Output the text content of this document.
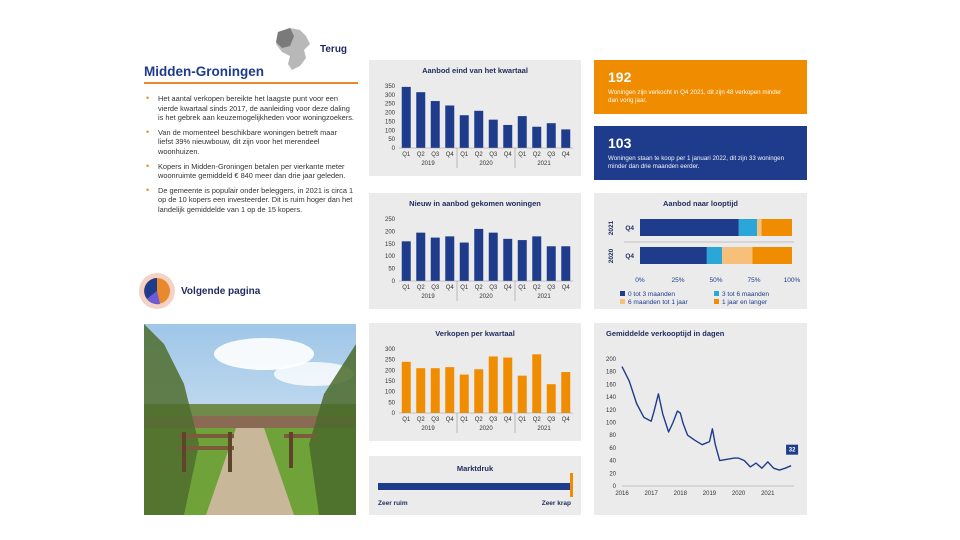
Terug
Midden-Groningen
• Het aantal verkopen bereikte het laagste punt voor een vierde kwartaal sinds 2017, de aanleiding voor deze daling is het gebrek aan keuzemogelijkheden voor woningzoekers.
• Van de momenteel beschikbare woningen betreft maar liefst 39% nieuwbouw, dit zijn voor het merendeel woonhuizen.
• Kopers in Midden-Groningen betalen per vierkante meter woonruimte gemiddeld € 840 meer dan drie jaar geleden.
• De gemeente is populair onder beleggers, in 2021 is circa 1 op de 10 kopers een investeerder. Dit is ruim hoger dan het landelijk gemiddelde van 1 op de 15 kopers.
Volgende pagina
Aanbod eind van het kwartaal
0
50
100
150
200
250
300
350
Q1 Q2 Q3 Q4 Q1 Q2 Q3 Q4 Q1 Q2 Q3 Q4
2019	2020	2021
Nieuw in aanbod gekomen woningen
0
50
100
150
200
250
Q1 Q2 Q3 Q4 Q1 Q2 Q3 Q4 Q1 Q2 Q3 Q4
2019	2020	2021
Verkopen per kwartaal
0
50
100
150
200
250
300
Q1 Q2 Q3 Q4 Q1 Q2 Q3 Q4 Q1 Q2 Q3 Q4
2019	2020	2021
Marktdruk
Zeer ruim	Zeer krap
192
Woningen zijn verkocht in Q4 2021, dit zijn 48 verkopen minder dan vorig jaar.
103
Woningen staan te koop per 1 januari 2022, dit zijn 33 woningen minder dan drie maanden eerder.
Aanbod naar looptijd
Q4
2021
Q4
2020
0%	25%	50%	75%	100%
0 tot 3 maanden	3 tot 6 maanden
6 maanden tot 1 jaar	1 jaar en langer
Gemiddelde verkooptijd in dagen
0
20
40
60
80
100
120
140
160
180
200
2016	2017	2018	2019	2020	2021
32
